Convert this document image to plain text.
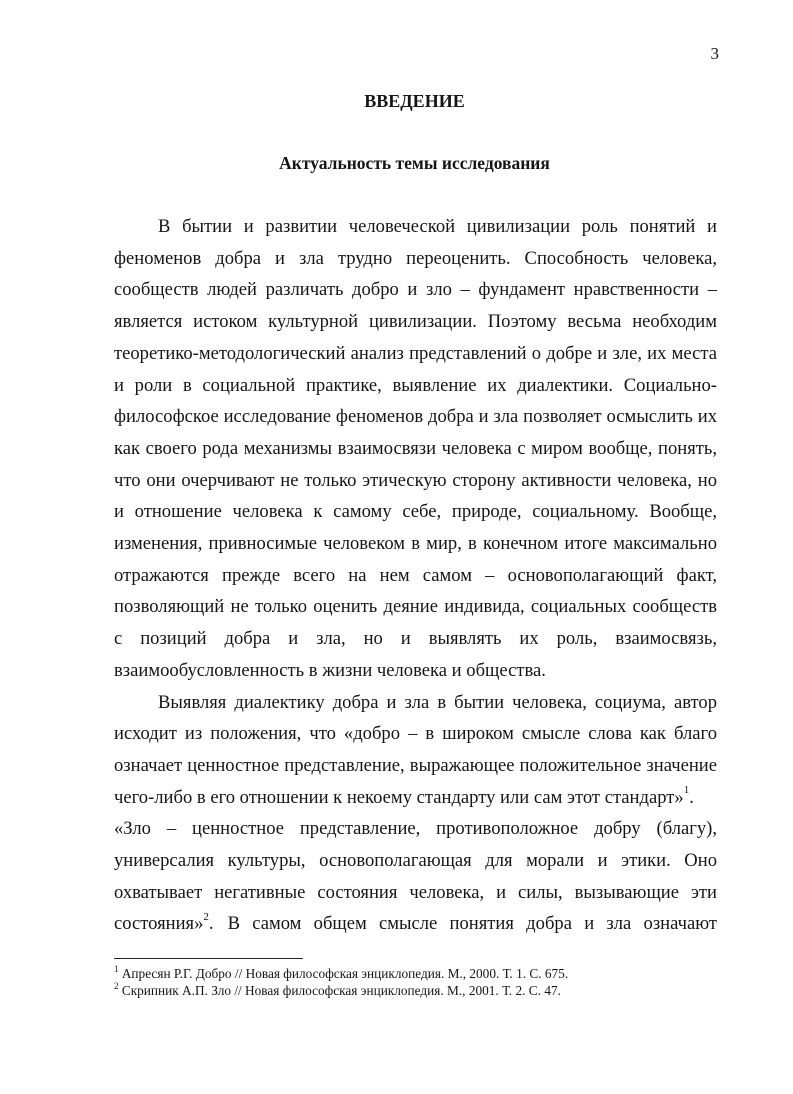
3
ВВЕДЕНИЕ
Актуальность темы исследования
В бытии и развитии человеческой цивилизации роль понятий и
феноменов добра и зла трудно переоценить. Способность человека,
сообществ людей различать добро и зло – фундамент нравственности –
является истоком культурной цивилизации. Поэтому весьма необходим
теоретико-методологический анализ представлений о добре и зле, их места
и роли в социальной практике, выявление их диалектики. Социально-
философское исследование феноменов добра и зла позволяет осмыслить их
как своего рода механизмы взаимосвязи человека с миром вообще, понять,
что они очерчивают не только этическую сторону активности человека, но
и отношение человека к самому себе, природе, социальному. Вообще,
изменения, привносимые человеком в мир, в конечном итоге максимально
отражаются прежде всего на нем самом – основополагающий факт,
позволяющий не только оценить деяние индивида, социальных сообществ
с позиций добра и зла, но и выявлять их роль, взаимосвязь,
взаимообусловленность в жизни человека и общества.
Выявляя диалектику добра и зла в бытии человека, социума, автор
исходит из положения, что «добро – в широком смысле слова как благо
означает ценностное представление, выражающее положительное значение
чего-либо в его отношении к некоему стандарту или сам этот стандарт»$^1$.
«Зло – ценностное представление, противоположное добру (благу),
универсалия культуры, основополагающая для морали и этики. Оно
охватывает негативные состояния человека, и силы, вызывающие эти
состояния»$^2$. В самом общем смысле понятия добра и зла означают
$^1$ Апресян Р.Г. Добро // Новая философская энциклопедия. М., 2000. Т. 1. С. 675.
$^2$ Скрипник А.П. Зло // Новая философская энциклопедия. М., 2001. Т. 2. С. 47.
